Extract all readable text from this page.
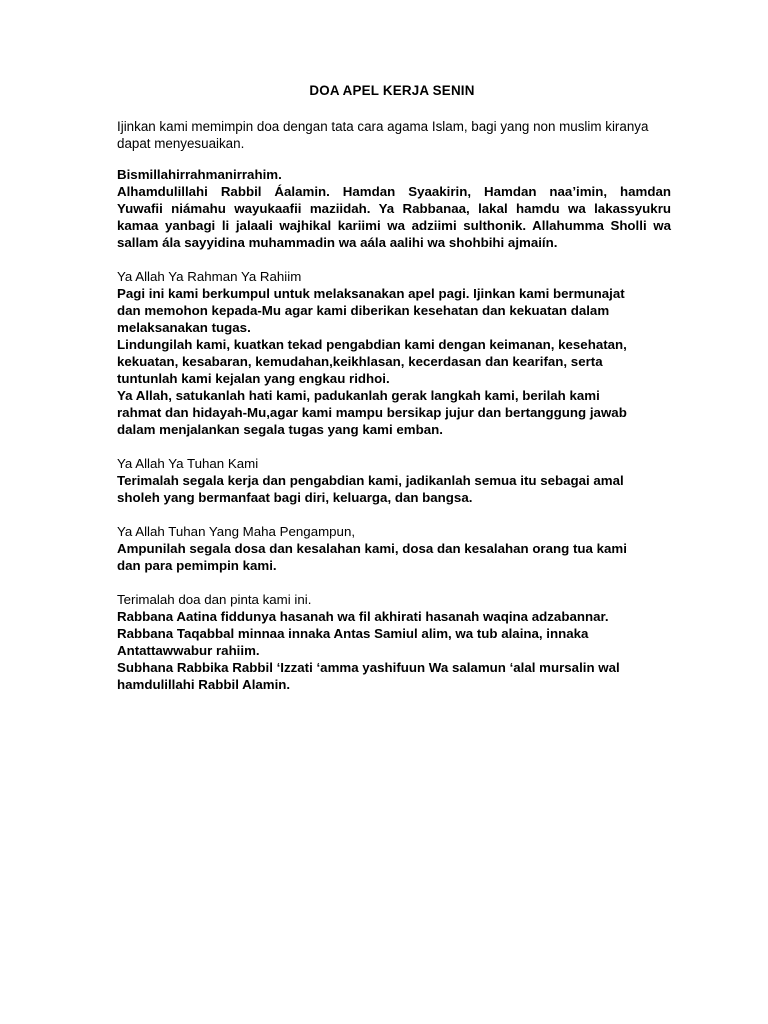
DOA APEL KERJA SENIN
Ijinkan kami memimpin doa dengan tata cara agama Islam, bagi yang non muslim kiranya
dapat menyesuaikan.
Bismillahirrahmanirrahim.
Alhamdulillahi Rabbil Áalamin. Hamdan Syaakirin, Hamdan naa’imin, hamdan
Yuwafii niámahu wayukaafii maziidah. Ya Rabbanaa, lakal hamdu wa lakassyukru
kamaa yanbagi li jalaali wajhikal kariimi wa adziimi sulthonik. Allahumma Sholli wa
sallam ála sayyidina muhammadin wa aála aalihi wa shohbihi ajmaiín.
Ya Allah Ya Rahman Ya Rahiim
Pagi ini kami berkumpul untuk melaksanakan apel pagi. Ijinkan kami bermunajat
dan memohon kepada-Mu agar kami diberikan kesehatan dan kekuatan dalam
melaksanakan tugas.
Lindungilah kami, kuatkan tekad pengabdian kami dengan keimanan, kesehatan,
kekuatan, kesabaran, kemudahan,keikhlasan, kecerdasan dan kearifan, serta
tuntunlah kami kejalan yang engkau ridhoi.
Ya Allah, satukanlah hati kami, padukanlah gerak langkah kami, berilah kami
rahmat dan hidayah-Mu,agar kami mampu bersikap jujur dan bertanggung jawab
dalam menjalankan segala tugas yang kami emban.
Ya Allah Ya Tuhan Kami
Terimalah segala kerja dan pengabdian kami, jadikanlah semua itu sebagai amal
sholeh yang bermanfaat bagi diri, keluarga, dan bangsa.
Ya Allah Tuhan Yang Maha Pengampun,
Ampunilah segala dosa dan kesalahan kami, dosa dan kesalahan orang tua kami
dan para pemimpin kami.
Terimalah doa dan pinta kami ini.
Rabbana Aatina fiddunya hasanah wa fil akhirati hasanah waqina adzabannar.
Rabbana Taqabbal minnaa innaka Antas Samiul alim, wa tub alaina, innaka
Antattawwabur rahiim.
Subhana Rabbika Rabbil ‘Izzati ‘amma yashifuun Wa salamun ‘alal mursalin wal
hamdulillahi Rabbil Alamin.
